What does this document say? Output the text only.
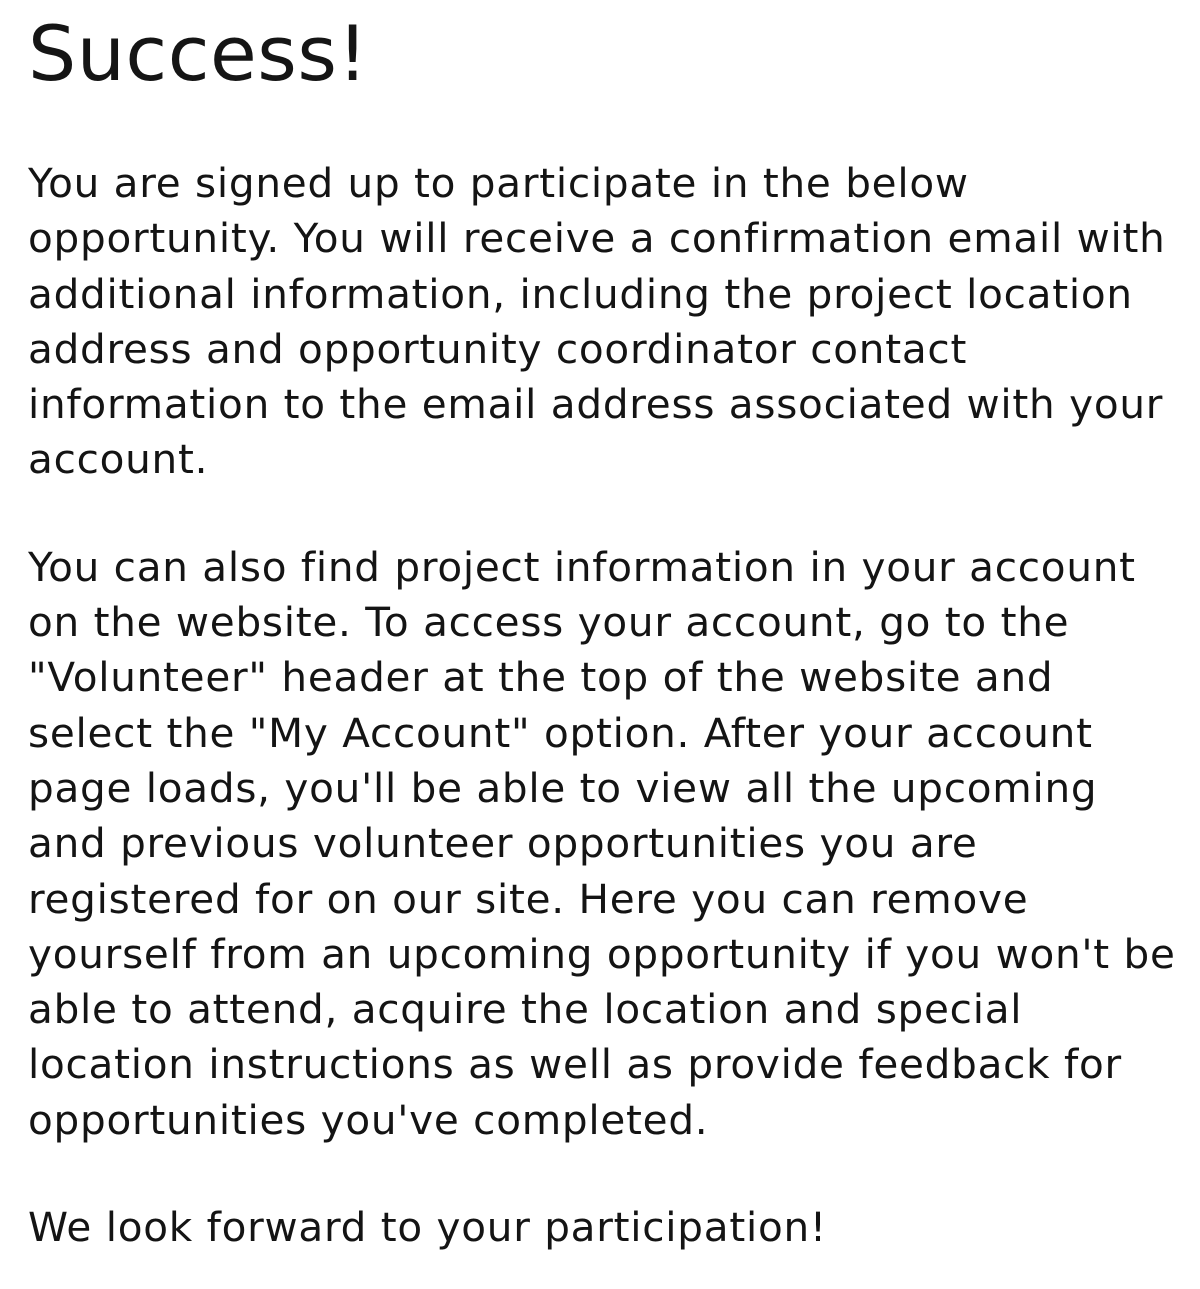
Success!

You are signed up to participate in the below opportunity. You will receive a confirmation email with additional information, including the project location address and opportunity coordinator contact information to the email address associated with your account.

You can also find project information in your account on the website. To access your account, go to the "Volunteer" header at the top of the website and select the "My Account" option. After your account page loads, you'll be able to view all the upcoming and previous volunteer opportunities you are registered for on our site. Here you can remove yourself from an upcoming opportunity if you won't be able to attend, acquire the location and special location instructions as well as provide feedback for opportunities you've completed.

We look forward to your participation!
